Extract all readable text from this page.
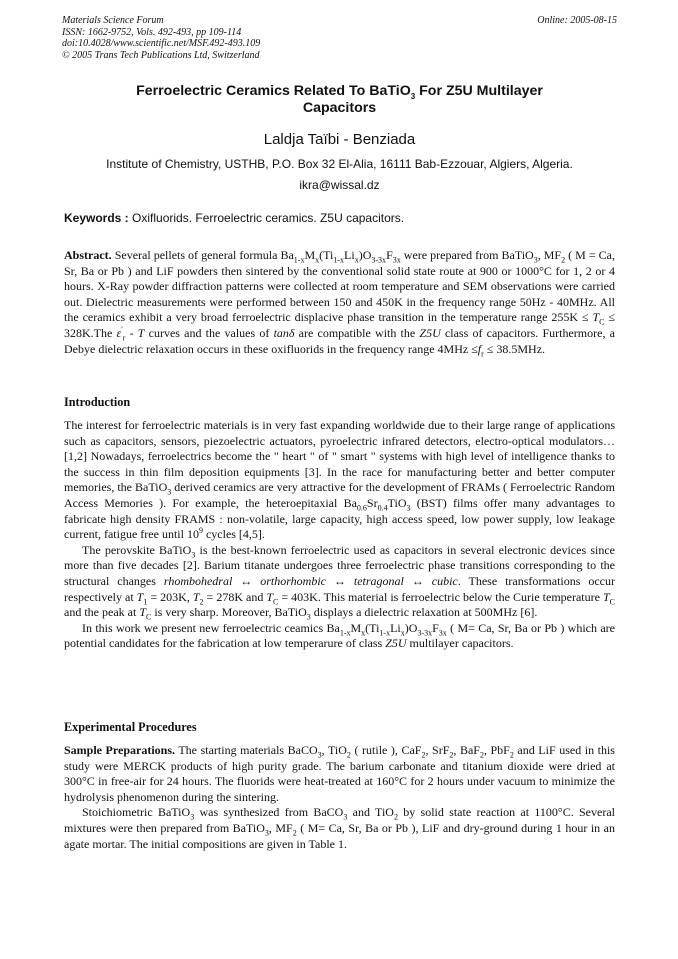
Materials Science Forum
ISSN: 1662-9752, Vols. 492-493, pp 109-114
doi:10.4028/www.scientific.net/MSF.492-493.109
© 2005 Trans Tech Publications Ltd, Switzerland
Online: 2005-08-15
Ferroelectric Ceramics Related To BaTiO$_3$ For Z5U Multilayer
Capacitors
Laldja Taïbi - Benziada
Institute of Chemistry, USTHB, P.O. Box 32 El-Alia, 16111 Bab-Ezzouar, Algiers, Algeria.
ikra@wissal.dz
Keywords : Oxifluorids. Ferroelectric ceramics. Z5U capacitors.

Abstract. Several pellets of general formula $Ba_{1-x}M_x(Ti_{1-x}Li_x)O_{3-3x}F_{3x}$ were prepared from BaTiO$_3$, $MF_2$ ( M = Ca, Sr, Ba or Pb ) and LiF powders then sintered by the conventional solid state route at 900 or 1000°C for 1, 2 or 4 hours. X-Ray powder diffraction patterns were collected at room temperature and SEM observations were carried out. Dielectric measurements were performed between 150 and 450K in the frequency range 50Hz - 40MHz. All the ceramics exhibit a very broad ferroelectric displacive phase transition in the temperature range $255K \le T_C \le 328K.The$ $\varepsilon'_r$ - T curves and the values of tanδ are compatible with the Z5U class of capacitors. Furthermore, a Debye dielectric relaxation occurs in these oxifluorids in the frequency range $4MHz \le f_r \le 38.5MHz$.

Introduction

The interest for ferroelectric materials is in very fast expanding worldwide due to their large range of applications such as capacitors, sensors, piezoelectric actuators, pyroelectric infrared detectors, electro-optical modulators…[1,2] Nowadays, ferroelectrics become the " heart " of " smart " systems with high level of intelligence thanks to the success in thin film deposition equipments [3]. In the race for manufacturing better and better computer memories, the BaTiO$_3$ derived ceramics are very attractive for the development of FRAMs ( Ferroelectric Random Access Memories ). For example, the heteroepitaxial $Ba_{0.6}Sr_{0.4}TiO_3$ (BST) films offer many advantages to fabricate high density FRAMS : non-volatile, large capacity, high access speed, low power supply, low leakage current, fatigue free until $10^9$ cycles [4,5].

The perovskite BaTiO$_3$ is the best-known ferroelectric used as capacitors in several electronic devices since more than five decades [2]. Barium titanate undergoes three ferroelectric phase transitions corresponding to the structural changes rhombohedral ↔ orthorhombic ↔ tetragonal ↔ cubic. These transformations occur respectively at $T_1 = 203K$, $T_2 = 278K$ and $T_C = 403K$. This material is ferroelectric below the Curie temperature $T_C$ and the peak at $T_C$ is very sharp. Moreover, BaTiO$_3$ displays a dielectric relaxation at 500MHz [6].

In this work we present new ferroelectric ceamics $Ba_{1-x}M_x(Ti_{1-x}Li_x)O_{3-3x}F_{3x}$ ( M= Ca, Sr, Ba or Pb ) which are potential candidates for the fabrication at low temperarure of class Z5U multilayer capacitors.

Experimental Procedures

Sample Preparations. The starting materials BaCO$_3$, TiO$_2$ ( rutile ), CaF$_2$, SrF$_2$, BaF$_2$, PbF$_2$ and LiF used in this study were MERCK products of high purity grade. The barium carbonate and titanium dioxide were dried at 300°C in free-air for 24 hours. The fluorids were heat-treated at 160°C for 2 hours under vacuum to minimize the hydrolysis phenomenon during the sintering.

Stoichiometric BaTiO$_3$ was synthesized from BaCO$_3$ and TiO$_2$ by solid state reaction at 1100°C. Several mixtures were then prepared from BaTiO$_3$, $MF_2$ ( M= Ca, Sr, Ba or Pb ), LiF and dry-ground during 1 hour in an agate mortar. The initial compositions are given in Table 1.
